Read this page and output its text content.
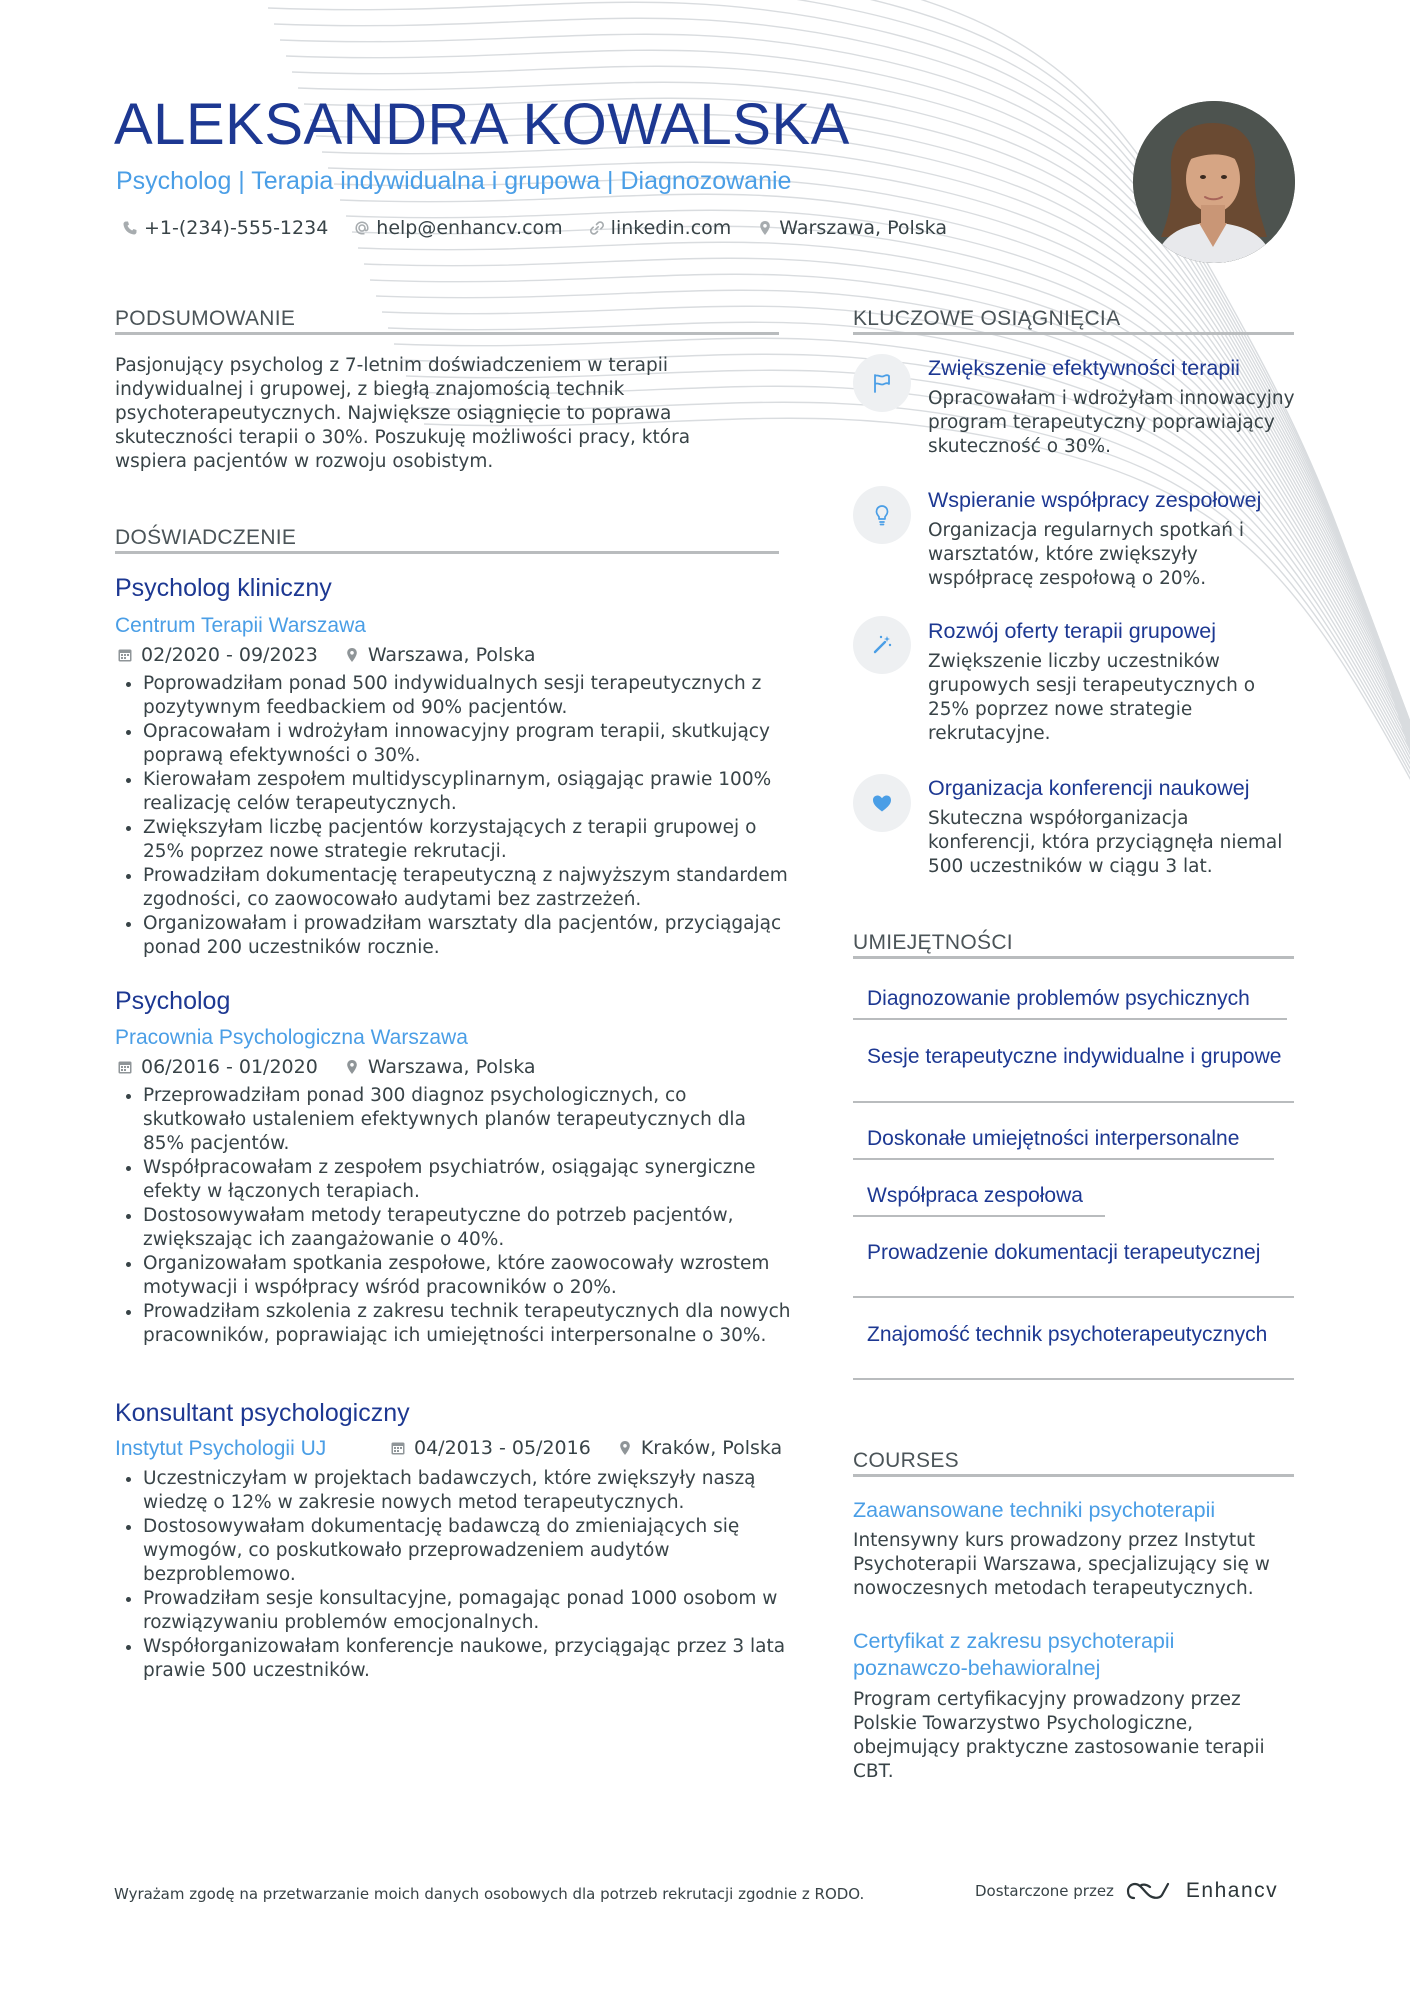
ALEKSANDRA KOWALSKA
Psycholog | Terapia indywidualna i grupowa | Diagnozowanie
+1-(234)-555-1234	help@enhancv.com	linkedin.com	Warszawa, Polska
PODSUMOWANIE

Pasjonujący psycholog z 7-letnim doświadczeniem w terapii indywidualnej i grupowej, z biegłą znajomością technik psychoterapeutycznych. Największe osiągnięcie to poprawa skuteczności terapii o 30%. Poszukuję możliwości pracy, która wspiera pacjentów w rozwoju osobistym.

DOŚWIADCZENIE
Psycholog kliniczny
Centrum Terapii Warszawa
02/2020 - 09/2023	Warszawa, Polska
• Poprowadziłam ponad 500 indywidualnych sesji terapeutycznych z pozytywnym feedbackiem od 90% pacjentów.
• Opracowałam i wdrożyłam innowacyjny program terapii, skutkujący poprawą efektywności o 30%.
• Kierowałam zespołem multidyscyplinarnym, osiągając prawie 100% realizację celów terapeutycznych.
• Zwiększyłam liczbę pacjentów korzystających z terapii grupowej o 25% poprzez nowe strategie rekrutacji.
• Prowadziłam dokumentację terapeutyczną z najwyższym standardem zgodności, co zaowocowało audytami bez zastrzeżeń.
• Organizowałam i prowadziłam warsztaty dla pacjentów, przyciągając ponad 200 uczestników rocznie.
Psycholog
Pracownia Psychologiczna Warszawa
06/2016 - 01/2020	Warszawa, Polska
• Przeprowadziłam ponad 300 diagnoz psychologicznych, co skutkowało ustaleniem efektywnych planów terapeutycznych dla 85% pacjentów.
• Współpracowałam z zespołem psychiatrów, osiągając synergiczne efekty w łączonych terapiach.
• Dostosowywałam metody terapeutyczne do potrzeb pacjentów, zwiększając ich zaangażowanie o 40%.
• Organizowałam spotkania zespołowe, które zaowocowały wzrostem motywacji i współpracy wśród pracowników o 20%.
• Prowadziłam szkolenia z zakresu technik terapeutycznych dla nowych pracowników, poprawiając ich umiejętności interpersonalne o 30%.
Konsultant psychologiczny
Instytut Psychologii UJ	04/2013 - 05/2016	Kraków, Polska
• Uczestniczyłam w projektach badawczych, które zwiększyły naszą wiedzę o 12% w zakresie nowych metod terapeutycznych.
• Dostosowywałam dokumentację badawczą do zmieniających się wymogów, co poskutkowało przeprowadzeniem audytów bezproblemowo.
• Prowadziłam sesje konsultacyjne, pomagając ponad 1000 osobom w rozwiązywaniu problemów emocjonalnych.
• Współorganizowałam konferencje naukowe, przyciągając przez 3 lata prawie 500 uczestników.
KLUCZOWE OSIĄGNIĘCIA
Zwiększenie efektywności terapii

Opracowałam i wdrożyłam innowacyjny program terapeutyczny poprawiający skuteczność o 30%.

Wspieranie współpracy zespołowej

Organizacja regularnych spotkań i warsztatów, które zwiększyły współpracę zespołową o 20%.

Rozwój oferty terapii grupowej

Zwiększenie liczby uczestników grupowych sesji terapeutycznych o 25% poprzez nowe strategie rekrutacyjne.

Organizacja konferencji naukowej

Skuteczna współorganizacja konferencji, która przyciągnęła niemal 500 uczestników w ciągu 3 lat.

UMIEJĘTNOŚCI
Diagnozowanie problemów psychicznych
Sesje terapeutyczne indywidualne i grupowe
Doskonałe umiejętności interpersonalne
Współpraca zespołowa
Prowadzenie dokumentacji terapeutycznej
Znajomość technik psychoterapeutycznych
COURSES
Zaawansowane techniki psychoterapii

Intensywny kurs prowadzony przez Instytut Psychoterapii Warszawa, specjalizujący się w nowoczesnych metodach terapeutycznych.

Certyfikat z zakresu psychoterapii poznawczo-behawioralnej

Program certyfikacyjny prowadzony przez Polskie Towarzystwo Psychologiczne, obejmujący praktyczne zastosowanie terapii CBT.

Wyrażam zgodę na przetwarzanie moich danych osobowych dla potrzeb rekrutacji zgodnie z RODO.	Dostarczone przez	Enhancv
